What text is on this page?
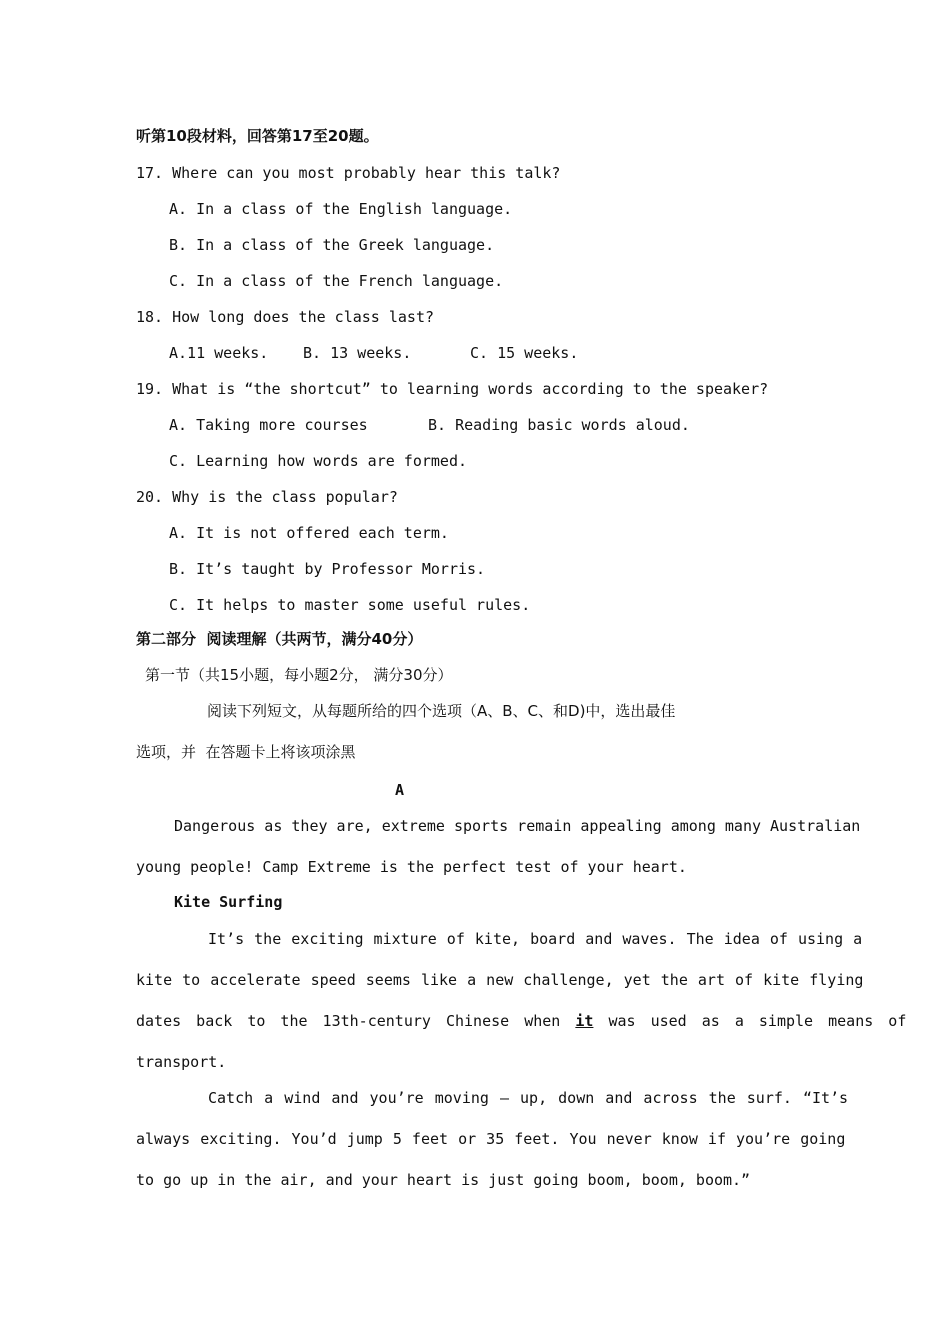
听第10段材料，回答第17至20题。
17. Where can you most probably hear this talk?
A. In a class of the English language.
B. In a class of the Greek language.
C. In a class of the French language.
18. How long does the class last?
A.11 weeks. B. 13 weeks.	C. 15 weeks.
19. What is “the shortcut” to learning words according to the speaker?
A. Taking more courses	B. Reading basic words aloud.
C. Learning how words are formed.
20. Why is the class popular?
A. It is not offered each term.
B. It’s taught by Professor Morris.
C. It helps to master some useful rules.
第二部分  阅读理解（共两节，满分40分）
第一节（共15小题，每小题2分， 满分30分）
阅读下列短文，从每题所给的四个选项（A、B、C、和D)中，选出最佳
选项，并  在答题卡上将该项涂黑
A
Dangerous as they are, extreme sports remain appealing among many Australian
young people! Camp Extreme is the perfect test of your heart.
Kite Surfing
It’s the exciting mixture of kite, board and waves. The idea of using a
kite to accelerate speed seems like a new challenge, yet the art of kite flying
dates back to the 13th-century Chinese when it was used as a simple means of
transport.
Catch a wind and you’re moving — up, down and across the surf. “It’s
always exciting. You’d jump 5 feet or 35 feet. You never know if you’re going
to go up in the air, and your heart is just going boom, boom, boom.”
